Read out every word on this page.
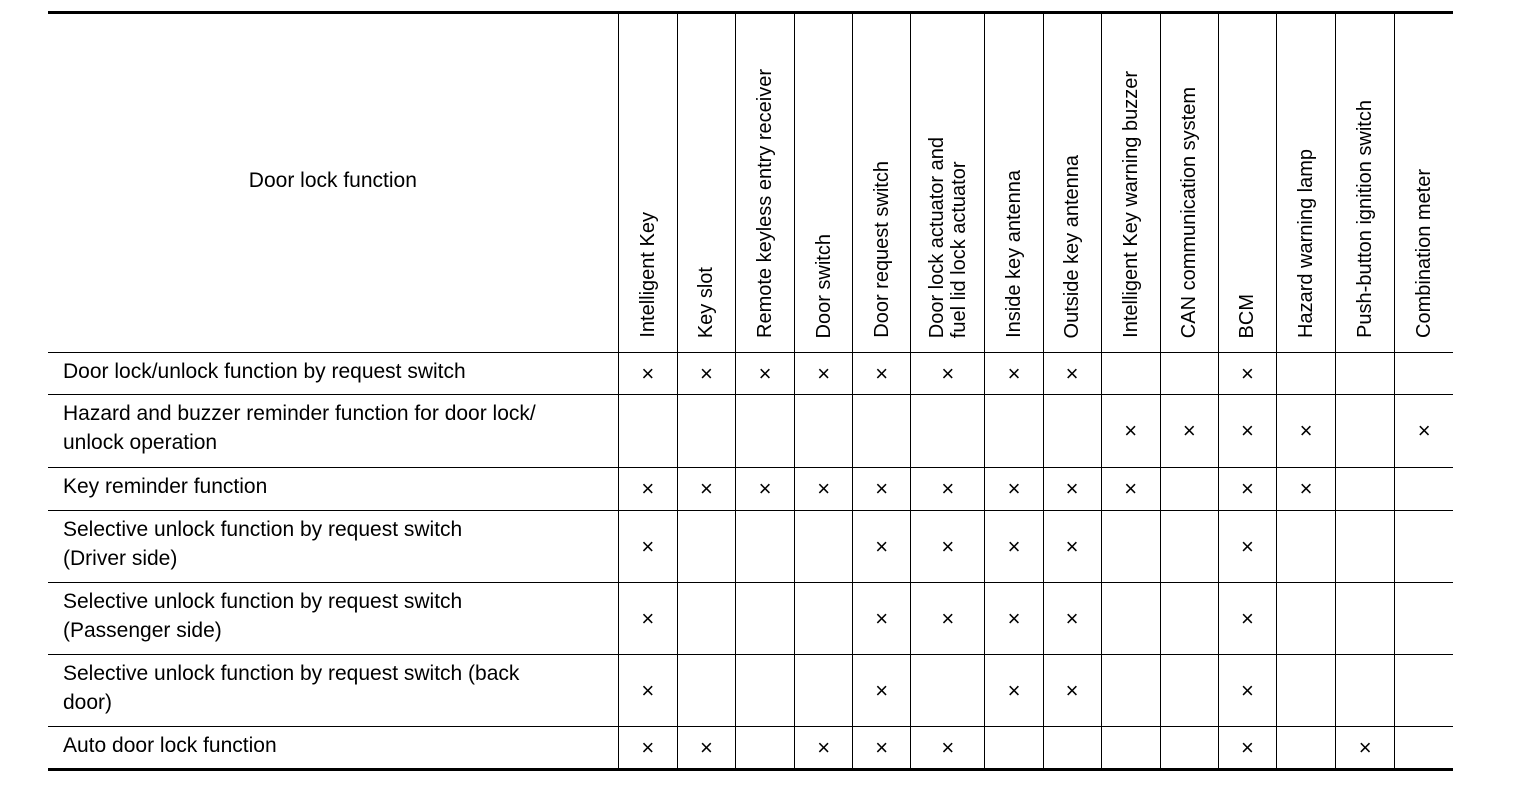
Door lock function	Intelligent Key	Key slot	Remote keyless entry receiver	Door switch	Door request switch	Door lock actuator and
fuel lid lock actuator	Inside key antenna	Outside key antenna	Intelligent Key warning buzzer	CAN communication system	BCM	Hazard warning lamp	Push-button ignition switch	Combination meter

Door lock/unlock function by request switch	×	×	×	×	×	×	×	×			×			
Hazard and buzzer reminder function for door lock/
unlock operation									×	×	×	×		×
Key reminder function	×	×	×	×	×	×	×	×	×		×	×		
Selective unlock function by request switch
(Driver side)	×				×	×	×	×			×			
Selective unlock function by request switch
(Passenger side)	×				×	×	×	×			×			
Selective unlock function by request switch (back
door)	×				×		×	×			×			
Auto door lock function	×	×		×	×	×					×		×	
